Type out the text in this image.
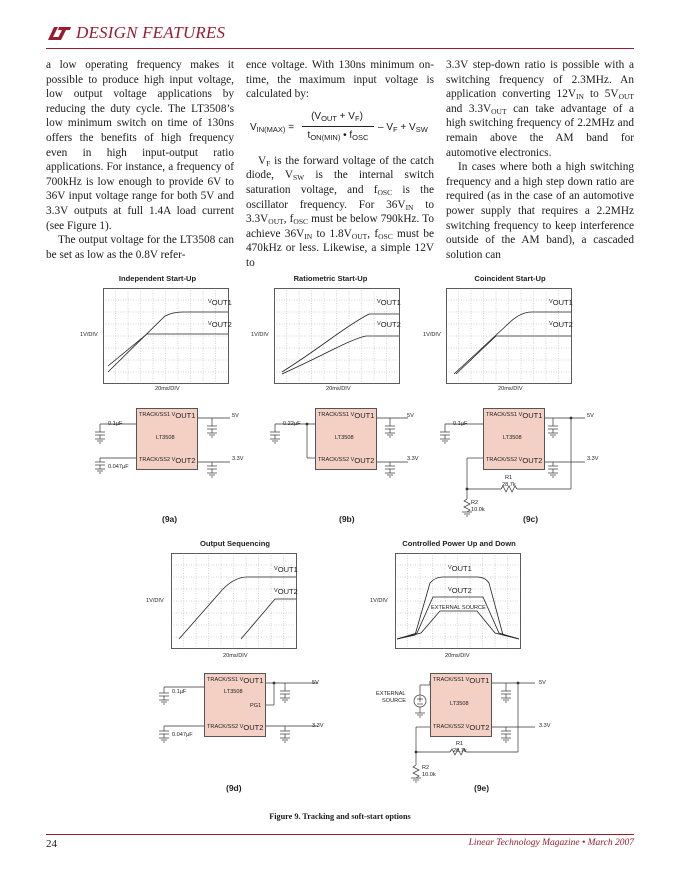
DESIGN FEATURES

a low operating frequency makes it possible to produce high input voltage, low output voltage applications by reducing the duty cycle. The LT3508’s low minimum switch on time of 130ns offers the benefits of high frequency even in high input-output ratio applications. For instance, a frequency of 700kHz is low enough to provide 6V to 36V input voltage range for both 5V and 3.3V outputs at full 1.4A load current (see Figure 1).

The output voltage for the LT3508 can be set as low as the 0.8V refer-

ence voltage. With 130ns minimum on-time, the maximum input voltage is calculated by:

$V_{IN(MAX)}$ =
$(V_{OUT} + V_F)$
$t_{ON(MIN)}$ • $f_{OSC}$
– $V_F + V_{SW}$

$V_F$ is the forward voltage of the catch diode, $V_{SW}$ is the internal switch saturation voltage, and $f_{OSC}$ is the oscillator frequency. For $36V_{IN}$ to $3.3V_{OUT}$, $f_{OSC}$ must be below 790kHz. To achieve $36V_{IN}$ to $1.8V_{OUT}$, $f_{OSC}$ must be 470kHz or less. Likewise, a simple 12V to

3.3V step-down ratio is possible with a switching frequency of 2.3MHz. An application converting $12V_{IN}$ to $5V_{OUT}$ and $3.3V_{OUT}$ can take advantage of a high switching frequency of 2.2MHz and remain above the AM band for automotive electronics.

In cases where both a high switching frequency and a high step down ratio are required (as in the case of an automotive power supply that requires a 2.2MHz switching frequency to keep interference outside of the AM band), a cascaded solution can

Independent Start-Up
$V_{OUT1}$
$V_{OUT2}$
1V/DIV
20ms/DIV
TRACK/SS1 $V_{OUT1}$
LT3508
TRACK/SS2 $V_{OUT2}$
0.1µF
0.047µF
5V
3.3V
(9a)
Ratiometric Start-Up
$V_{OUT1}$
$V_{OUT2}$
1V/DIV
20ms/DIV
TRACK/SS1 $V_{OUT1}$
LT3508
TRACK/SS2 $V_{OUT2}$
0.22µF
5V
3.3V
(9b)
Coincident Start-Up
$V_{OUT1}$
$V_{OUT2}$
1V/DIV
20ms/DIV
TRACK/SS1 $V_{OUT1}$
LT3508
TRACK/SS2 $V_{OUT2}$
0.1µF
5V
3.3V
R1
28.7k
R2
10.0k
(9c)
Output Sequencing
$V_{OUT1}$
$V_{OUT2}$
1V/DIV
20ms/DIV
TRACK/SS1 $V_{OUT1}$
LT3508
PG1
TRACK/SS2 $V_{OUT2}$
0.1µF
0.047µF
5V
3.3V
(9d)
Controlled Power Up and Down
$V_{OUT1}$
$V_{OUT2}$
EXTERNAL SOURCE
1V/DIV
20ms/DIV
TRACK/SS1 $V_{OUT1}$
LT3508
TRACK/SS2 $V_{OUT2}$
EXTERNAL
SOURCE
5V
3.3V
R1
28.7k
R2
10.0k
(9e)
Figure 9. Tracking and soft-start options
24	Linear Technology Magazine • March 2007
